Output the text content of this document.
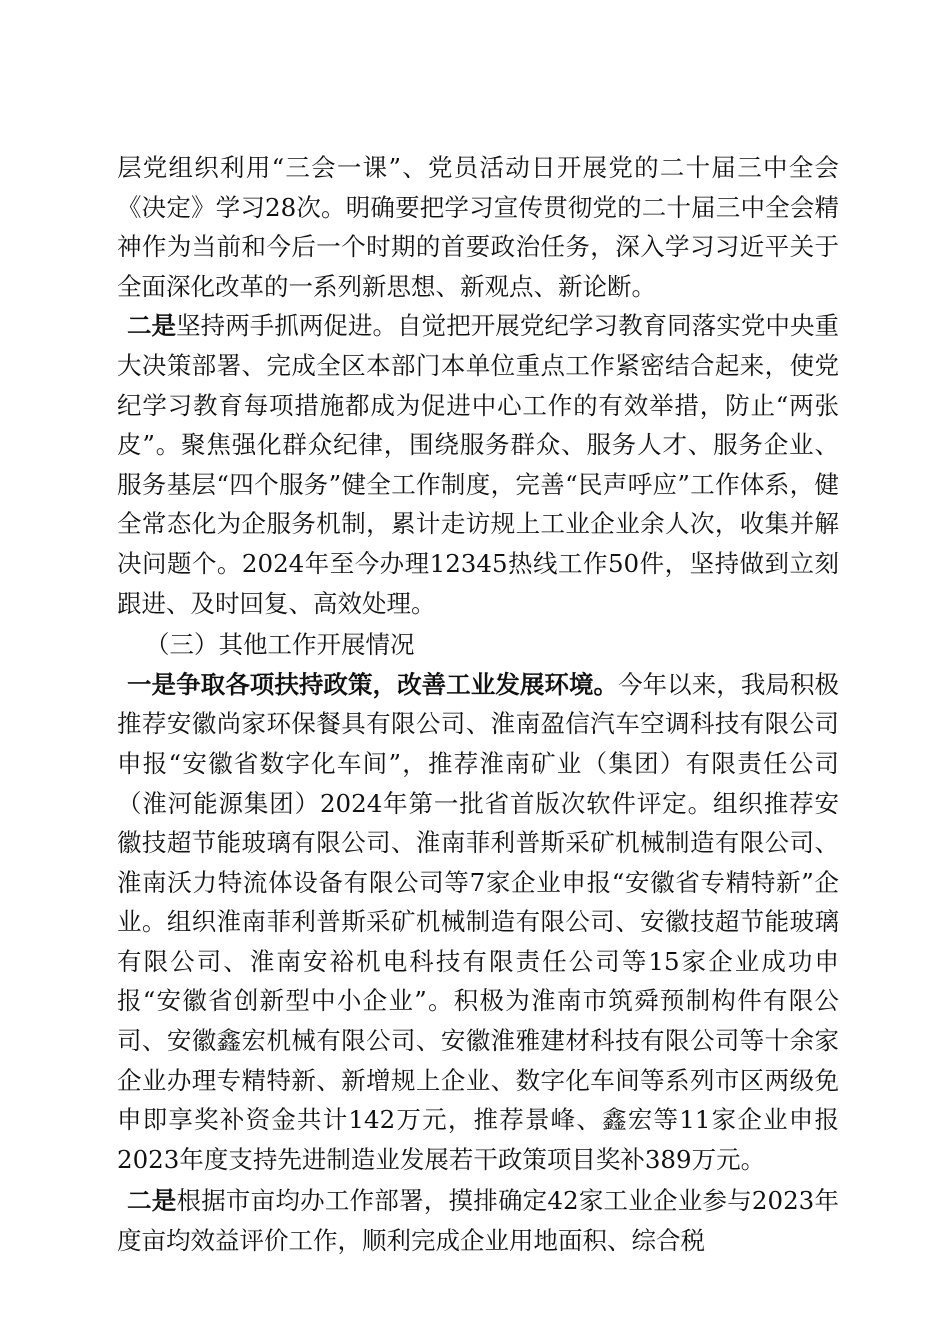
层党组织利用“三会一课”、党员活动日开展党的二十届三中全会《决定》学习28次。明确要把学习宣传贯彻党的二十届三中全会精神作为当前和今后一个时期的首要政治任务，深入学习习近平关于全面深化改革的一系列新思想、新观点、新论断。

二是坚持两手抓两促进。自觉把开展党纪学习教育同落实党中央重大决策部署、完成全区本部门本单位重点工作紧密结合起来，使党纪学习教育每项措施都成为促进中心工作的有效举措，防止“两张皮”。聚焦强化群众纪律，围绕服务群众、服务人才、服务企业、服务基层“四个服务”健全工作制度，完善“民声呼应”工作体系，健全常态化为企服务机制，累计走访规上工业企业余人次，收集并解决问题个。2024年至今办理12345热线工作50件，坚持做到立刻跟进、及时回复、高效处理。

（三）其他工作开展情况

一是争取各项扶持政策，改善工业发展环境。今年以来，我局积极推荐安徽尚家环保餐具有限公司、淮南盈信汽车空调科技有限公司申报“安徽省数字化车间”，推荐淮南矿业（集团）有限责任公司（淮河能源集团）2024年第一批省首版次软件评定。组织推荐安徽技超节能玻璃有限公司、淮南菲利普斯采矿机械制造有限公司、淮南沃力特流体设备有限公司等7家企业申报“安徽省专精特新”企业。组织淮南菲利普斯采矿机械制造有限公司、安徽技超节能玻璃有限公司、淮南安裕机电科技有限责任公司等15家企业成功申报“安徽省创新型中小企业”。积极为淮南市筑舜预制构件有限公司、安徽鑫宏机械有限公司、安徽淮雅建材科技有限公司等十余家企业办理专精特新、新增规上企业、数字化车间等系列市区两级免申即享奖补资金共计142万元，推荐景峰、鑫宏等11家企业申报2023年度支持先进制造业发展若干政策项目奖补389万元。

二是根据市亩均办工作部署，摸排确定42家工业企业参与2023年度亩均效益评价工作，顺利完成企业用地面积、综合税
